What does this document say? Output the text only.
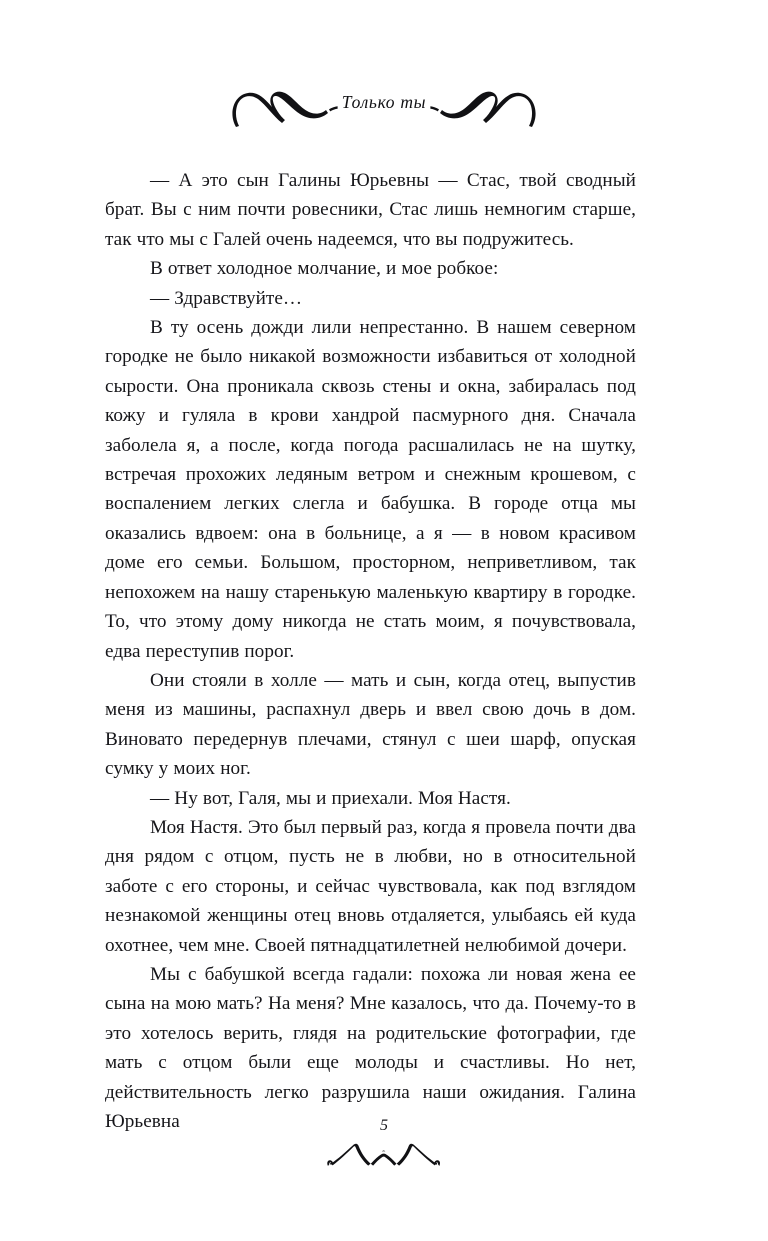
Только ты

— А это сын Галины Юрьевны — Стас, твой сводный брат. Вы с ним почти ровесники, Стас лишь немногим старше, так что мы с Галей очень надеемся, что вы подружитесь.

В ответ холодное молчание, и мое робкое:

— Здравствуйте…

В ту осень дожди лили непрестанно. В нашем северном городке не было никакой возможности избавиться от холодной сырости. Она проникала сквозь стены и окна, забиралась под кожу и гуляла в крови хандрой пасмурного дня. Сначала заболела я, а после, когда погода расшалилась не на шутку, встречая прохожих ледяным ветром и снежным крошевом, с воспалением легких слегла и бабушка. В городе отца мы оказались вдвоем: она в больнице, а я — в новом красивом доме его семьи. Большом, просторном, неприветливом, так непохожем на нашу старенькую маленькую квартиру в городке. То, что этому дому никогда не стать моим, я почувствовала, едва переступив порог.

Они стояли в холле — мать и сын, когда отец, выпустив меня из машины, распахнул дверь и ввел свою дочь в дом. Виновато передернув плечами, стянул с шеи шарф, опуская сумку у моих ног.

— Ну вот, Галя, мы и приехали. Моя Настя.

Моя Настя. Это был первый раз, когда я провела почти два дня рядом с отцом, пусть не в любви, но в относительной заботе с его стороны, и сейчас чувствовала, как под взглядом незнакомой женщины отец вновь отдаляется, улыбаясь ей куда охотнее, чем мне. Своей пятнадцатилетней нелюбимой дочери.

Мы с бабушкой всегда гадали: похожа ли новая жена ее сына на мою мать? На меня? Мне казалось, что да. Почему-то в это хотелось верить, глядя на родительские фотографии, где мать с отцом были еще молоды и счастливы. Но нет, действительность легко разрушила наши ожидания. Галина Юрьевна	5
